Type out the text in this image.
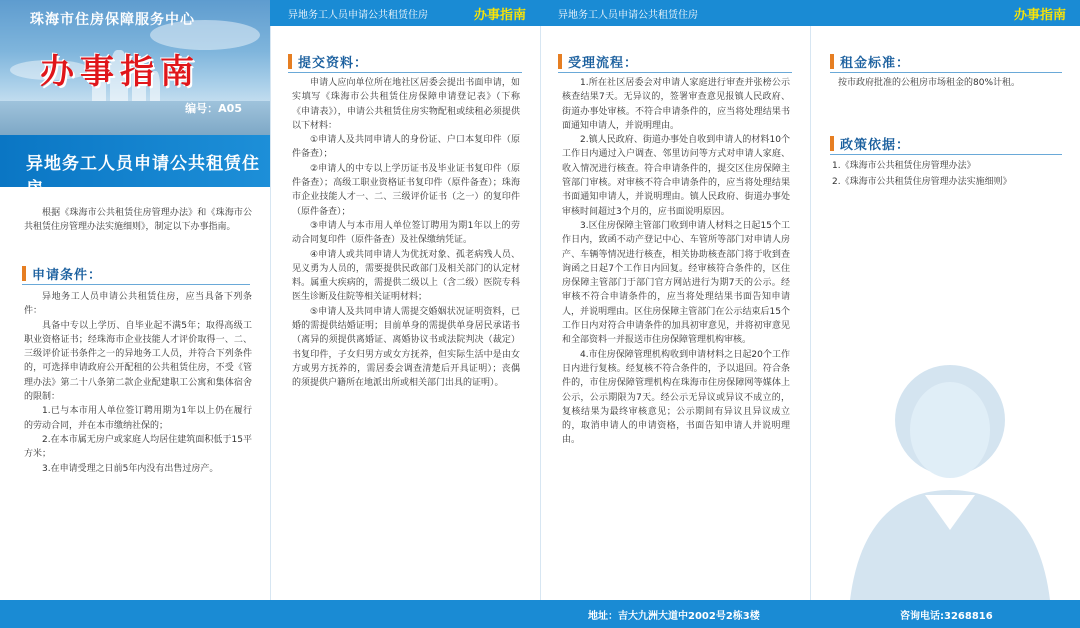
珠海市住房保障服务中心
办事指南
编号：A05
异地务工人员申请公共租赁住房

根据《珠海市公共租赁住房管理办法》和《珠海市公共租赁住房管理办法实施细则》，制定以下办事指南。

申请条件：

异地务工人员申请公共租赁住房，应当具备下列条件：

具备中专以上学历、自毕业起不满5年；取得高级工职业资格证书；经珠海市企业技能人才评价取得一、二、三级评价证书条件之一的异地务工人员，并符合下列条件的，可选择申请政府公开配租的公共租赁住房，不受《管理办法》第二十八条第二款企业配建职工公寓和集体宿舍的限制：

1.已与本市用人单位签订聘用期为1年以上仍在履行的劳动合同，并在本市缴纳社保的；

2.在本市属无房户或家庭人均居住建筑面积低于15平方米；

3.在申请受理之日前5年内没有出售过房产。

异地务工人员申请公共租赁住房	办事指南
提交资料：

申请人应向单位所在地社区居委会提出书面申请，如实填写《珠海市公共租赁住房保障申请登记表》（下称《申请表》），申请公共租赁住房实物配租或续租必须提供以下材料：

①申请人及共同申请人的身份证、户口本复印件（原件备查）；

②申请人的中专以上学历证书及毕业证书复印件（原件备查）；高级工职业资格证书复印件（原件备查）；珠海市企业技能人才一、二、三级评价证书（之一）的复印件（原件备查）；

③申请人与本市用人单位签订聘用为期1年以上的劳动合同复印件（原件备查）及社保缴纳凭证。

④申请人或共同申请人为优抚对象、孤老病残人员、见义勇为人员的，需要提供民政部门及相关部门的认定材料。属重大疾病的，需提供二级以上（含二级）医院专科医生诊断及住院等相关证明材料；

⑤申请人及共同申请人需提交婚姻状况证明资料，已婚的需提供结婚证明；目前单身的需提供单身居民承诺书（离异的须提供离婚证、离婚协议书或法院判决（裁定）书复印件，子女归男方或女方抚养，但实际生活中是由女方或男方抚养的，需居委会调查清楚后开具证明）；丧偶的须提供户籍所在地派出所或相关部门出具的证明）。

异地务工人员申请公共租赁住房
受理流程：

1.所在社区居委会对申请人家庭进行审查并张榜公示核查结果7天。无异议的，签署审查意见报镇人民政府、街道办事处审核。不符合申请条件的，应当将处理结果书面通知申请人，并说明理由。

2.镇人民政府、街道办事处自收到申请人的材料10个工作日内通过入户调查、邻里访问等方式对申请人家庭、收入情况进行核查。符合申请条件的，提交区住房保障主管部门审核。对审核不符合申请条件的，应当将处理结果书面通知申请人，并说明理由。镇人民政府、街道办事处审核时间超过3个月的，应书面说明原因。

3.区住房保障主管部门收到申请人材料之日起15个工作日内，致函不动产登记中心、车管所等部门对申请人房产、车辆等情况进行核查，相关协助核查部门将于收到查询函之日起7个工作日内回复。经审核符合条件的，区住房保障主管部门于部门官方网站进行为期7天的公示。经审核不符合申请条件的，应当将处理结果书面告知申请人，并说明理由。区住房保障主管部门在公示结束后15个工作日内对符合申请条件的加具初审意见，并将初审意见和全部资料一并报送市住房保障管理机构审核。

4.市住房保障管理机构收到申请材料之日起20个工作日内进行复核。经复核不符合条件的，予以退回。符合条件的，市住房保障管理机构在珠海市住房保障网等媒体上公示，公示期限为7天。经公示无异议或异议不成立的，复核结果为最终审核意见；公示期间有异议且异议成立的，取消申请人的申请资格，书面告知申请人并说明理由。

办事指南
租金标准：

按市政府批准的公租房市场租金的80%计租。

政策依据：

1.《珠海市公共租赁住房管理办法》

2.《珠海市公共租赁住房管理办法实施细则》

地址：吉大九洲大道中2002号2栋3楼	咨询电话:3268816
